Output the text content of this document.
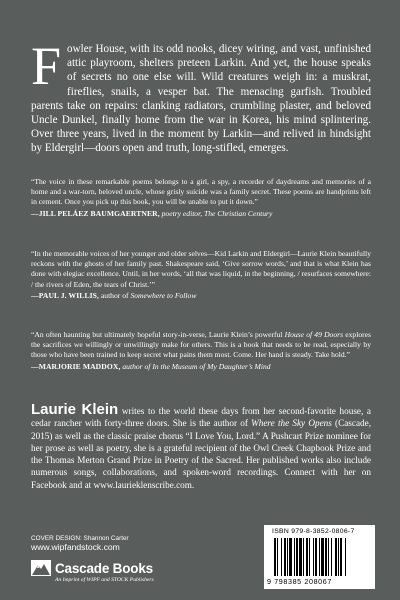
Fowler House, with its odd nooks, dicey wiring, and vast, unfinished attic playroom, shelters preteen Larkin. And yet, the house speaks of secrets no one else will. Wild creatures weigh in: a muskrat, fireflies, snails, a vesper bat. The menacing garfish. Troubled parents take on repairs: clanking radiators, crumbling plaster, and beloved Uncle Dunkel, finally home from the war in Korea, his mind splintering. Over three years, lived in the moment by Larkin—and relived in hindsight by Eldergirl—doors open and truth, long-stifled, emerges.

“The voice in these remarkable poems belongs to a girl, a spy, a recorder of daydreams and memories of a home and a war-torn, beloved uncle, whose grisly suicide was a family secret. These poems are handprints left in cement. Once you pick up this book, you will be unable to put it down.”

—JILL PELÁEZ BAUMGAERTNER, poetry editor, The Christian Century

“In the memorable voices of her younger and older selves—Kid Larkin and Eldergirl—Laurie Klein beautifully reckons with the ghosts of her family past. Shakespeare said, ‘Give sorrow words,’ and that is what Klein has done with elegiac excellence. Until, in her words, ‘all that was liquid, in the beginning, / resurfaces somewhere: / the rivers of Eden, the tears of Christ.’”

—PAUL J. WILLIS, author of Somewhere to Follow

“An often haunting but ultimately hopeful story-in-verse, Laurie Klein’s powerful House of 49 Doors explores the sacrifices we willingly or unwillingly make for others. This is a book that needs to be read, especially by those who have been trained to keep secret what pains them most. Come. Her hand is steady. Take hold.”

—MARJORIE MADDOX, author of In the Museum of My Daughter’s Mind
Laurie Klein writes to the world these days from her second-favorite house, a cedar rancher with forty-three doors. She is the author of Where the Sky Opens (Cascade, 2015) as well as the classic praise chorus “I Love You, Lord.” A Pushcart Prize nominee for her prose as well as poetry, she is a grateful recipient of the Owl Creek Chapbook Prize and the Thomas Merton Grand Prize in Poetry of the Sacred. Her published works also include numerous songs, collaborations, and spoken-word recordings. Connect with her on Facebook and at www.laurieklenscribe.com.
COVER DESIGN: Shannon Carter
www.wipfandstock.com
Cascade Books
An Imprint of WIPF and STOCK Publishers
ISBN 979-8-3852-0806-7
9 798385 208067
